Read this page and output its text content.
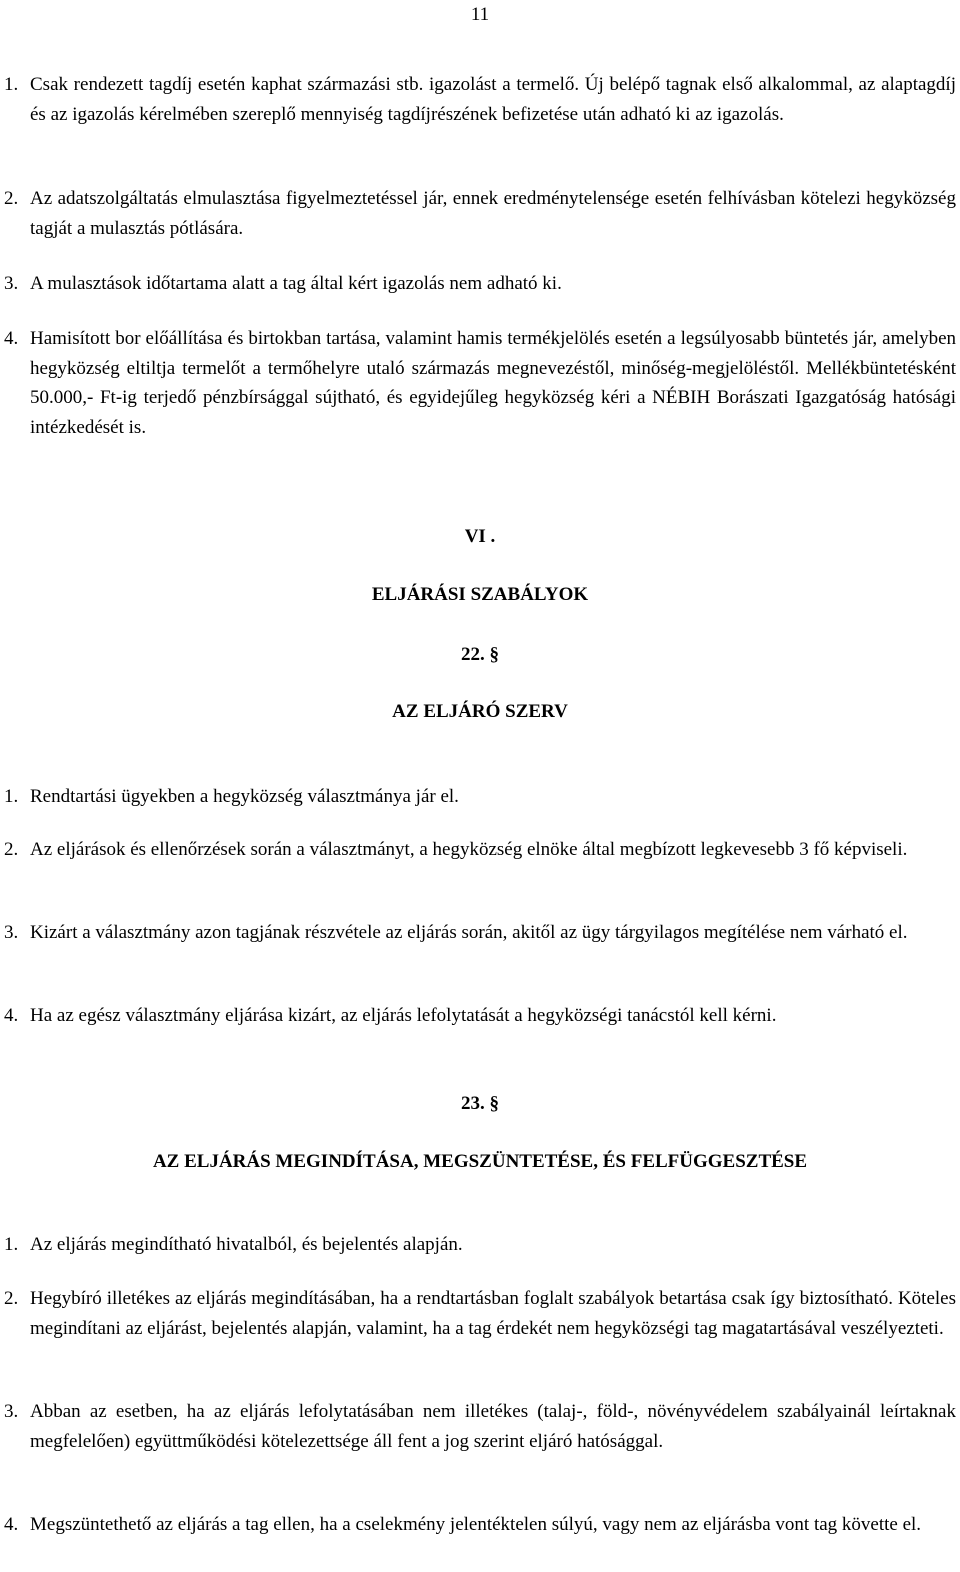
11

1. Csak rendezett tagdíj esetén kaphat származási stb. igazolást a termelő. Új belépő tagnak első alkalommal, az alaptagdíj és az igazolás kérelmében szereplő mennyiség tagdíjrészének befizetése után adható ki az igazolás.

2. Az adatszolgáltatás elmulasztása figyelmeztetéssel jár, ennek eredménytelensége esetén felhívásban kötelezi hegyközség tagját a mulasztás pótlására.

3. A mulasztások időtartama alatt a tag által kért igazolás nem adható ki.

4. Hamisított bor előállítása és birtokban tartása, valamint hamis termékjelölés esetén a legsúlyosabb büntetés jár, amelyben hegyközség eltiltja termelőt a termőhelyre utaló származás megnevezéstől, minőség-megjelöléstől. Mellékbüntetésként 50.000,- Ft-ig terjedő pénzbírsággal sújtható, és egyidejűleg hegyközség kéri a NÉBIH Borászati Igazgatóság hatósági intézkedését is.

VI .

ELJÁRÁSI SZABÁLYOK

22. §

AZ ELJÁRÓ SZERV

1. Rendtartási ügyekben a hegyközség választmánya jár el.

2. Az eljárások és ellenőrzések során a választmányt, a hegyközség elnöke által megbízott legkevesebb 3 fő képviseli.

3. Kizárt a választmány azon tagjának részvétele az eljárás során, akitől az ügy tárgyilagos megítélése nem várható el.

4. Ha az egész választmány eljárása kizárt, az eljárás lefolytatását a hegyközségi tanácstól kell kérni.

23. §

AZ ELJÁRÁS MEGINDÍTÁSA, MEGSZÜNTETÉSE, ÉS FELFÜGGESZTÉSE

1. Az eljárás megindítható hivatalból, és bejelentés alapján.

2. Hegybíró illetékes az eljárás megindításában, ha a rendtartásban foglalt szabályok betartása csak így biztosítható. Köteles megindítani az eljárást, bejelentés alapján, valamint, ha a tag érdekét nem hegyközségi tag magatartásával veszélyezteti.

3. Abban az esetben, ha az eljárás lefolytatásában nem illetékes (talaj-, föld-, növényvédelem szabályainál leírtaknak megfelelően) együttműködési kötelezettsége áll fent a jog szerint eljáró hatósággal.

4. Megszüntethető az eljárás a tag ellen, ha a cselekmény jelentéktelen súlyú, vagy nem az eljárásba vont tag követte el.
